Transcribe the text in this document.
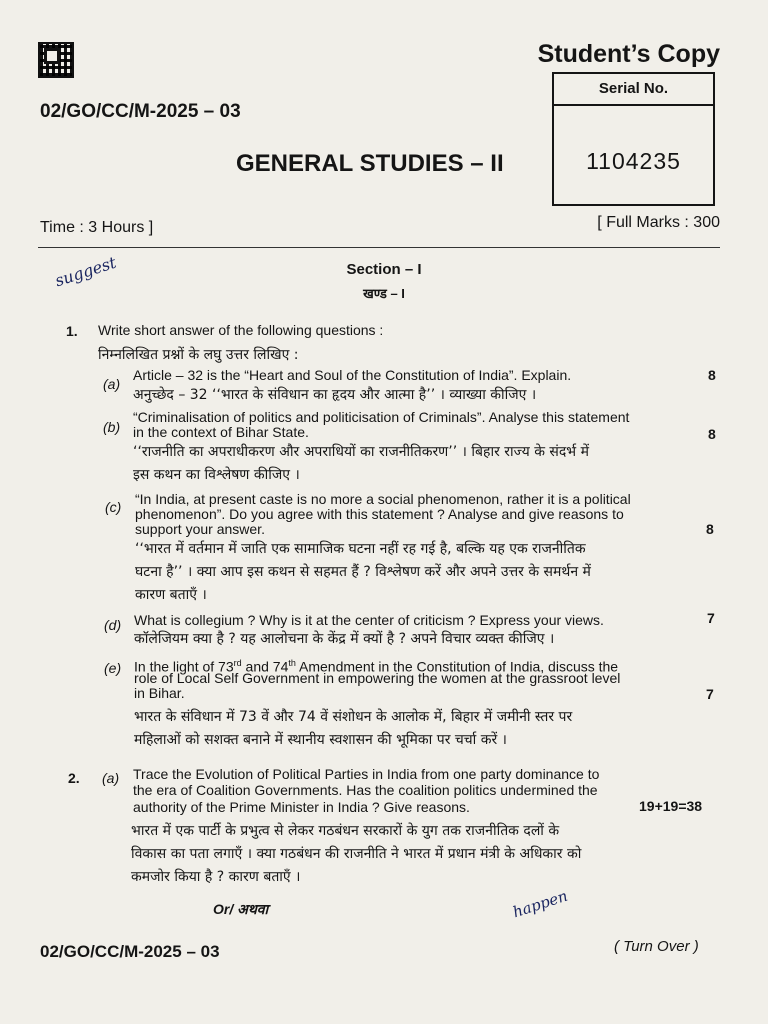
Student’s Copy
02/GO/CC/M-2025 – 03
Serial No.
1104235
GENERAL STUDIES – II
Time : 3 Hours ]	[ Full Marks : 300
suggest	Section – I
खण्ड – I
1. Write short answer of the following questions :
निम्नलिखित प्रश्नों के लघु उत्तर लिखिए :
(a)
Article – 32 is the “Heart and Soul of the Constitution of India”. Explain.
अनुच्छेद – 32 ‘‘भारत के संविधान का हृदय और आत्मा है’’ । व्याख्या कीजिए ।
8
(b)
“Criminalisation of politics and politicisation of Criminals”. Analyse this statement
in the context of Bihar State.
‘‘राजनीति का अपराधीकरण और अपराधियों का राजनीतिकरण’’ । बिहार राज्य के संदर्भ में
इस कथन का विश्लेषण कीजिए ।
8
(c) “In India, at present caste is no more a social phenomenon, rather it is a political
phenomenon”. Do you agree with this statement ? Analyse and give reasons to
support your answer.
‘‘भारत में वर्तमान में जाति एक सामाजिक घटना नहीं रह गई है, बल्कि यह एक राजनीतिक
घटना है’’ । क्या आप इस कथन से सहमत हैं ? विश्लेषण करें और अपने उत्तर के समर्थन में
कारण बताएँ ।
8
(d) What is collegium ? Why is it at the center of criticism ? Express your views.
कॉलेजियम क्या है ? यह आलोचना के केंद्र में क्यों है ? अपने विचार व्यक्त कीजिए ।
7
(e) In the light of 73rd and 74th Amendment in the Constitution of India, discuss the
role of Local Self Government in empowering the women at the grassroot level
in Bihar.
भारत के संविधान में 73 वें और 74 वें संशोधन के आलोक में, बिहार में जमीनी स्तर पर
महिलाओं को सशक्त बनाने में स्थानीय स्वशासन की भूमिका पर चर्चा करें ।
7
2. (a) Trace the Evolution of Political Parties in India from one party dominance to
the era of Coalition Governments. Has the coalition politics undermined the
authority of the Prime Minister in India ? Give reasons.	19+19=38
भारत में एक पार्टी के प्रभुत्व से लेकर गठबंधन सरकारों के युग तक राजनीतिक दलों के
विकास का पता लगाएँ । क्या गठबंधन की राजनीति ने भारत में प्रधान मंत्री के अधिकार को
कमजोर किया है ? कारण बताएँ ।
Or/ अथवा	happen
02/GO/CC/M-2025 – 03	( Turn Over )
